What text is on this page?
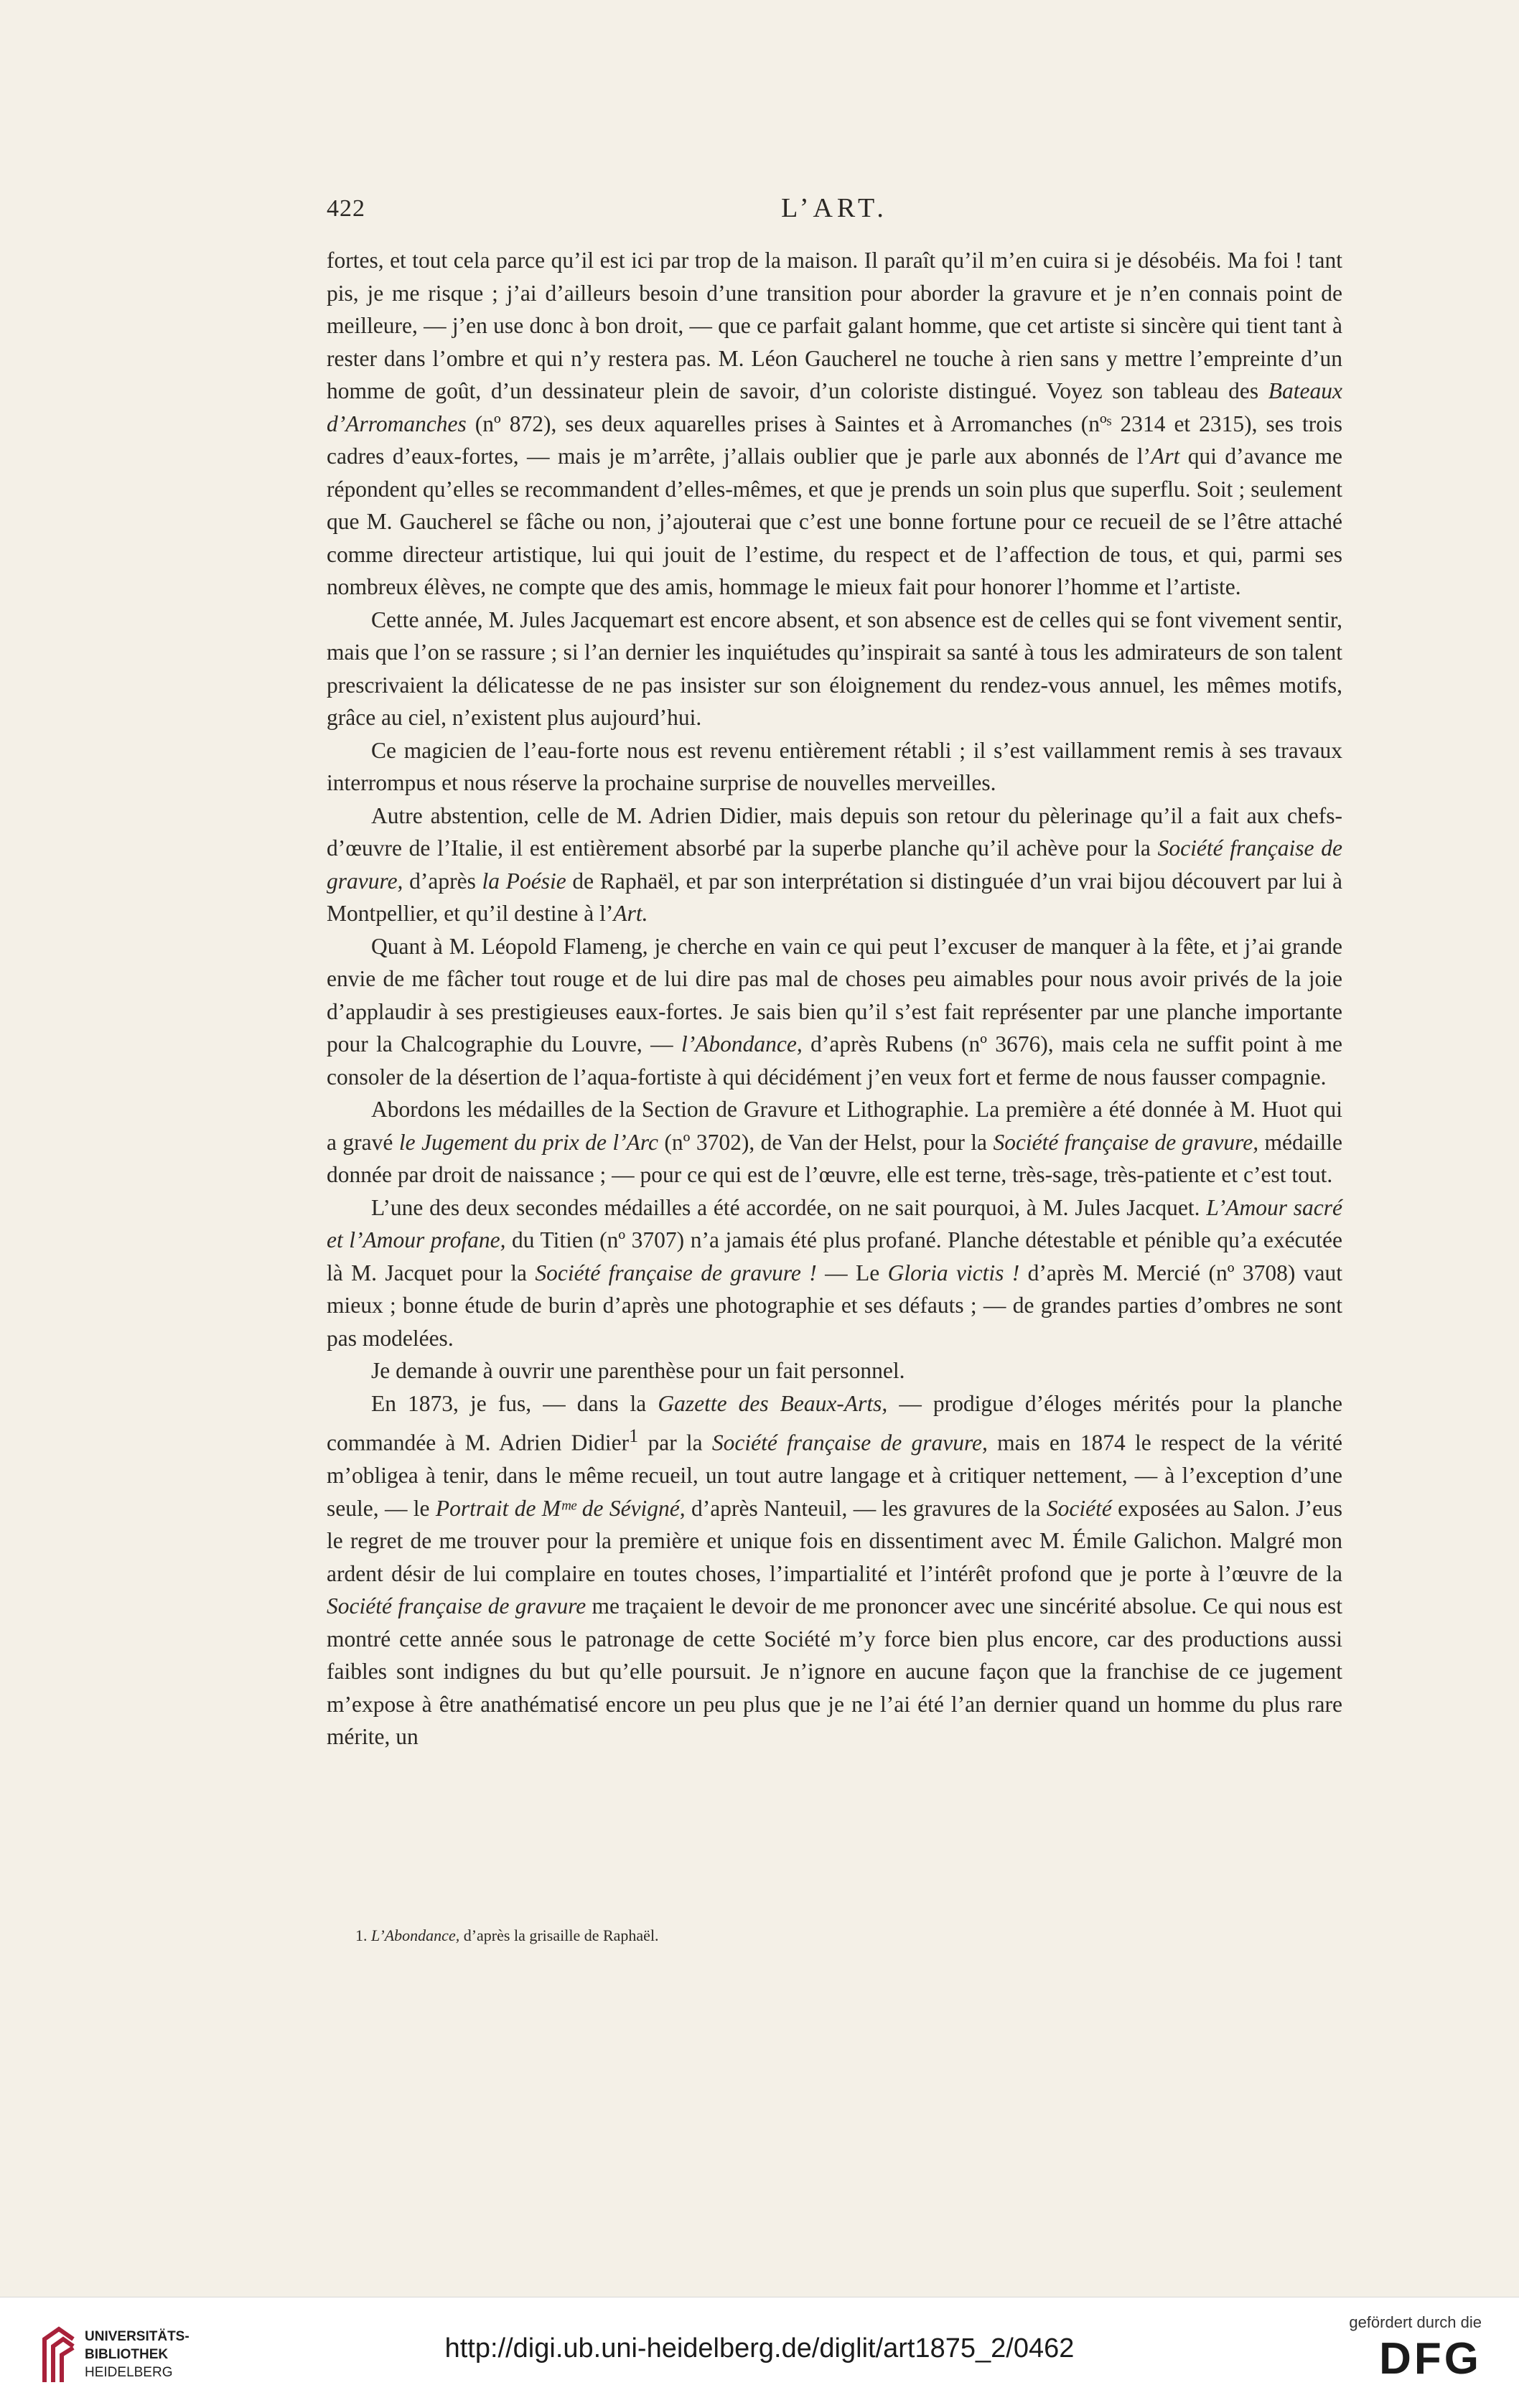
422	L’ART.

fortes, et tout cela parce qu’il est ici par trop de la maison. Il paraît qu’il m’en cuira si je désobéis. Ma foi ! tant pis, je me risque ; j’ai d’ailleurs besoin d’une transition pour aborder la gravure et je n’en connais point de meilleure, — j’en use donc à bon droit, — que ce parfait galant homme, que cet artiste si sincère qui tient tant à rester dans l’ombre et qui n’y restera pas. M. Léon Gaucherel ne touche à rien sans y mettre l’empreinte d’un homme de goût, d’un dessinateur plein de savoir, d’un coloriste distingué. Voyez son tableau des Bateaux d’Arromanches (nº 872), ses deux aquarelles prises à Saintes et à Arromanches (nºˢ 2314 et 2315), ses trois cadres d’eaux-fortes, — mais je m’arrête, j’allais oublier que je parle aux abonnés de l’Art qui d’avance me répondent qu’elles se recommandent d’elles-mêmes, et que je prends un soin plus que superflu. Soit ; seulement que M. Gaucherel se fâche ou non, j’ajouterai que c’est une bonne fortune pour ce recueil de se l’être attaché comme directeur artistique, lui qui jouit de l’estime, du respect et de l’affection de tous, et qui, parmi ses nombreux élèves, ne compte que des amis, hommage le mieux fait pour honorer l’homme et l’artiste.

Cette année, M. Jules Jacquemart est encore absent, et son absence est de celles qui se font vivement sentir, mais que l’on se rassure ; si l’an dernier les inquiétudes qu’inspirait sa santé à tous les admirateurs de son talent prescrivaient la délicatesse de ne pas insister sur son éloignement du rendez-vous annuel, les mêmes motifs, grâce au ciel, n’existent plus aujourd’hui.

Ce magicien de l’eau-forte nous est revenu entièrement rétabli ; il s’est vaillamment remis à ses travaux interrompus et nous réserve la prochaine surprise de nouvelles merveilles.

Autre abstention, celle de M. Adrien Didier, mais depuis son retour du pèlerinage qu’il a fait aux chefs-d’œuvre de l’Italie, il est entièrement absorbé par la superbe planche qu’il achève pour la Société française de gravure, d’après la Poésie de Raphaël, et par son interprétation si distinguée d’un vrai bijou découvert par lui à Montpellier, et qu’il destine à l’Art.

Quant à M. Léopold Flameng, je cherche en vain ce qui peut l’excuser de manquer à la fête, et j’ai grande envie de me fâcher tout rouge et de lui dire pas mal de choses peu aimables pour nous avoir privés de la joie d’applaudir à ses prestigieuses eaux-fortes. Je sais bien qu’il s’est fait représenter par une planche importante pour la Chalcographie du Louvre, — l’Abondance, d’après Rubens (nº 3676), mais cela ne suffit point à me consoler de la désertion de l’aqua-fortiste à qui décidément j’en veux fort et ferme de nous fausser compagnie.

Abordons les médailles de la Section de Gravure et Lithographie. La première a été donnée à M. Huot qui a gravé le Jugement du prix de l’Arc (nº 3702), de Van der Helst, pour la Société française de gravure, médaille donnée par droit de naissance ; — pour ce qui est de l’œuvre, elle est terne, très-sage, très-patiente et c’est tout.

L’une des deux secondes médailles a été accordée, on ne sait pourquoi, à M. Jules Jacquet. L’Amour sacré et l’Amour profane, du Titien (nº 3707) n’a jamais été plus profané. Planche détestable et pénible qu’a exécutée là M. Jacquet pour la Société française de gravure ! — Le Gloria victis ! d’après M. Mercié (nº 3708) vaut mieux ; bonne étude de burin d’après une photographie et ses défauts ; — de grandes parties d’ombres ne sont pas modelées.

Je demande à ouvrir une parenthèse pour un fait personnel.

En 1873, je fus, — dans la Gazette des Beaux-Arts, — prodigue d’éloges mérités pour la planche commandée à M. Adrien Didier$^1$ par la Société française de gravure, mais en 1874 le respect de la vérité m’obligea à tenir, dans le même recueil, un tout autre langage et à critiquer nettement, — à l’exception d’une seule, — le Portrait de Mᵐᵉ de Sévigné, d’après Nanteuil, — les gravures de la Société exposées au Salon. J’eus le regret de me trouver pour la première et unique fois en dissentiment avec M. Émile Galichon. Malgré mon ardent désir de lui complaire en toutes choses, l’impartialité et l’intérêt profond que je porte à l’œuvre de la Société française de gravure me traçaient le devoir de me prononcer avec une sincérité absolue. Ce qui nous est montré cette année sous le patronage de cette Société m’y force bien plus encore, car des productions aussi faibles sont indignes du but qu’elle poursuit. Je n’ignore en aucune façon que la franchise de ce jugement m’expose à être anathématisé encore un peu plus que je ne l’ai été l’an dernier quand un homme du plus rare mérite, un

1. L’Abondance, d’après la grisaille de Raphaël.
UNIVERSITÄTS-
BIBLIOTHEK
HEIDELBERG
http://digi.ub.uni-heidelberg.de/diglit/art1875_2/0462
gefördert durch die
DFG
